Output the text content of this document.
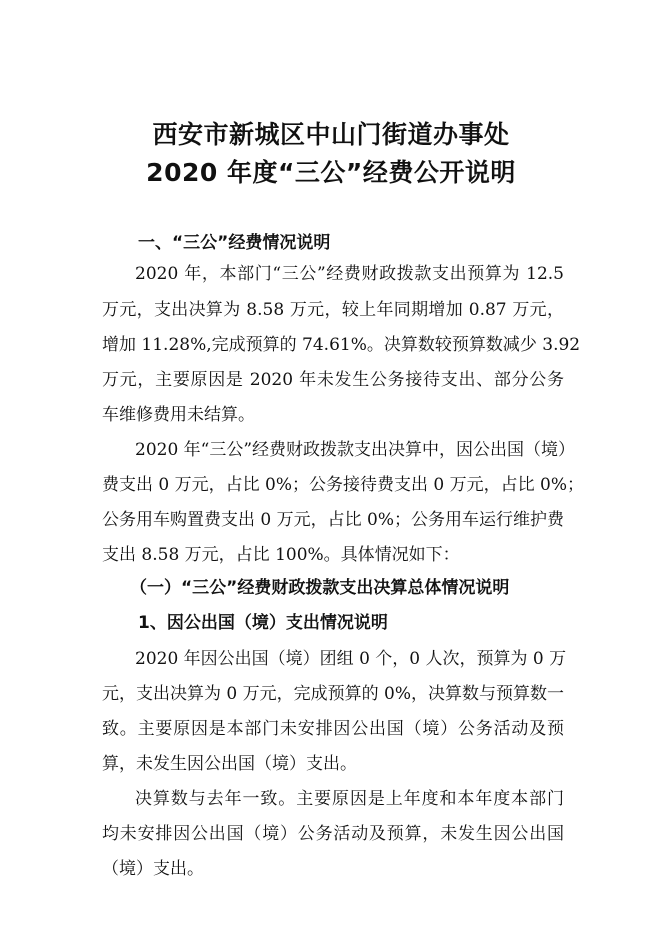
西安市新城区中山门街道办事处
2020 年度“三公”经费公开说明
一、“三公”经费情况说明
2020 年，本部门“三公”经费财政拨款支出预算为 12.5
万元，支出决算为 8.58 万元，较上年同期增加 0.87 万元，
增加 11.28%,完成预算的 74.61%。决算数较预算数减少 3.92
万元，主要原因是 2020 年未发生公务接待支出、部分公务
车维修费用未结算。
2020 年“三公”经费财政拨款支出决算中，因公出国（境）
费支出 0 万元，占比 0%；公务接待费支出 0 万元，占比 0%；
公务用车购置费支出 0 万元，占比 0%；公务用车运行维护费
支出 8.58 万元，占比 100%。具体情况如下：
（一）“三公”经费财政拨款支出决算总体情况说明
1、因公出国（境）支出情况说明
2020 年因公出国（境）团组 0 个，0 人次，预算为 0 万
元，支出决算为 0 万元，完成预算的 0%，决算数与预算数一
致。主要原因是本部门未安排因公出国（境）公务活动及预
算，未发生因公出国（境）支出。
决算数与去年一致。主要原因是上年度和本年度本部门
均未安排因公出国（境）公务活动及预算，未发生因公出国
（境）支出。
